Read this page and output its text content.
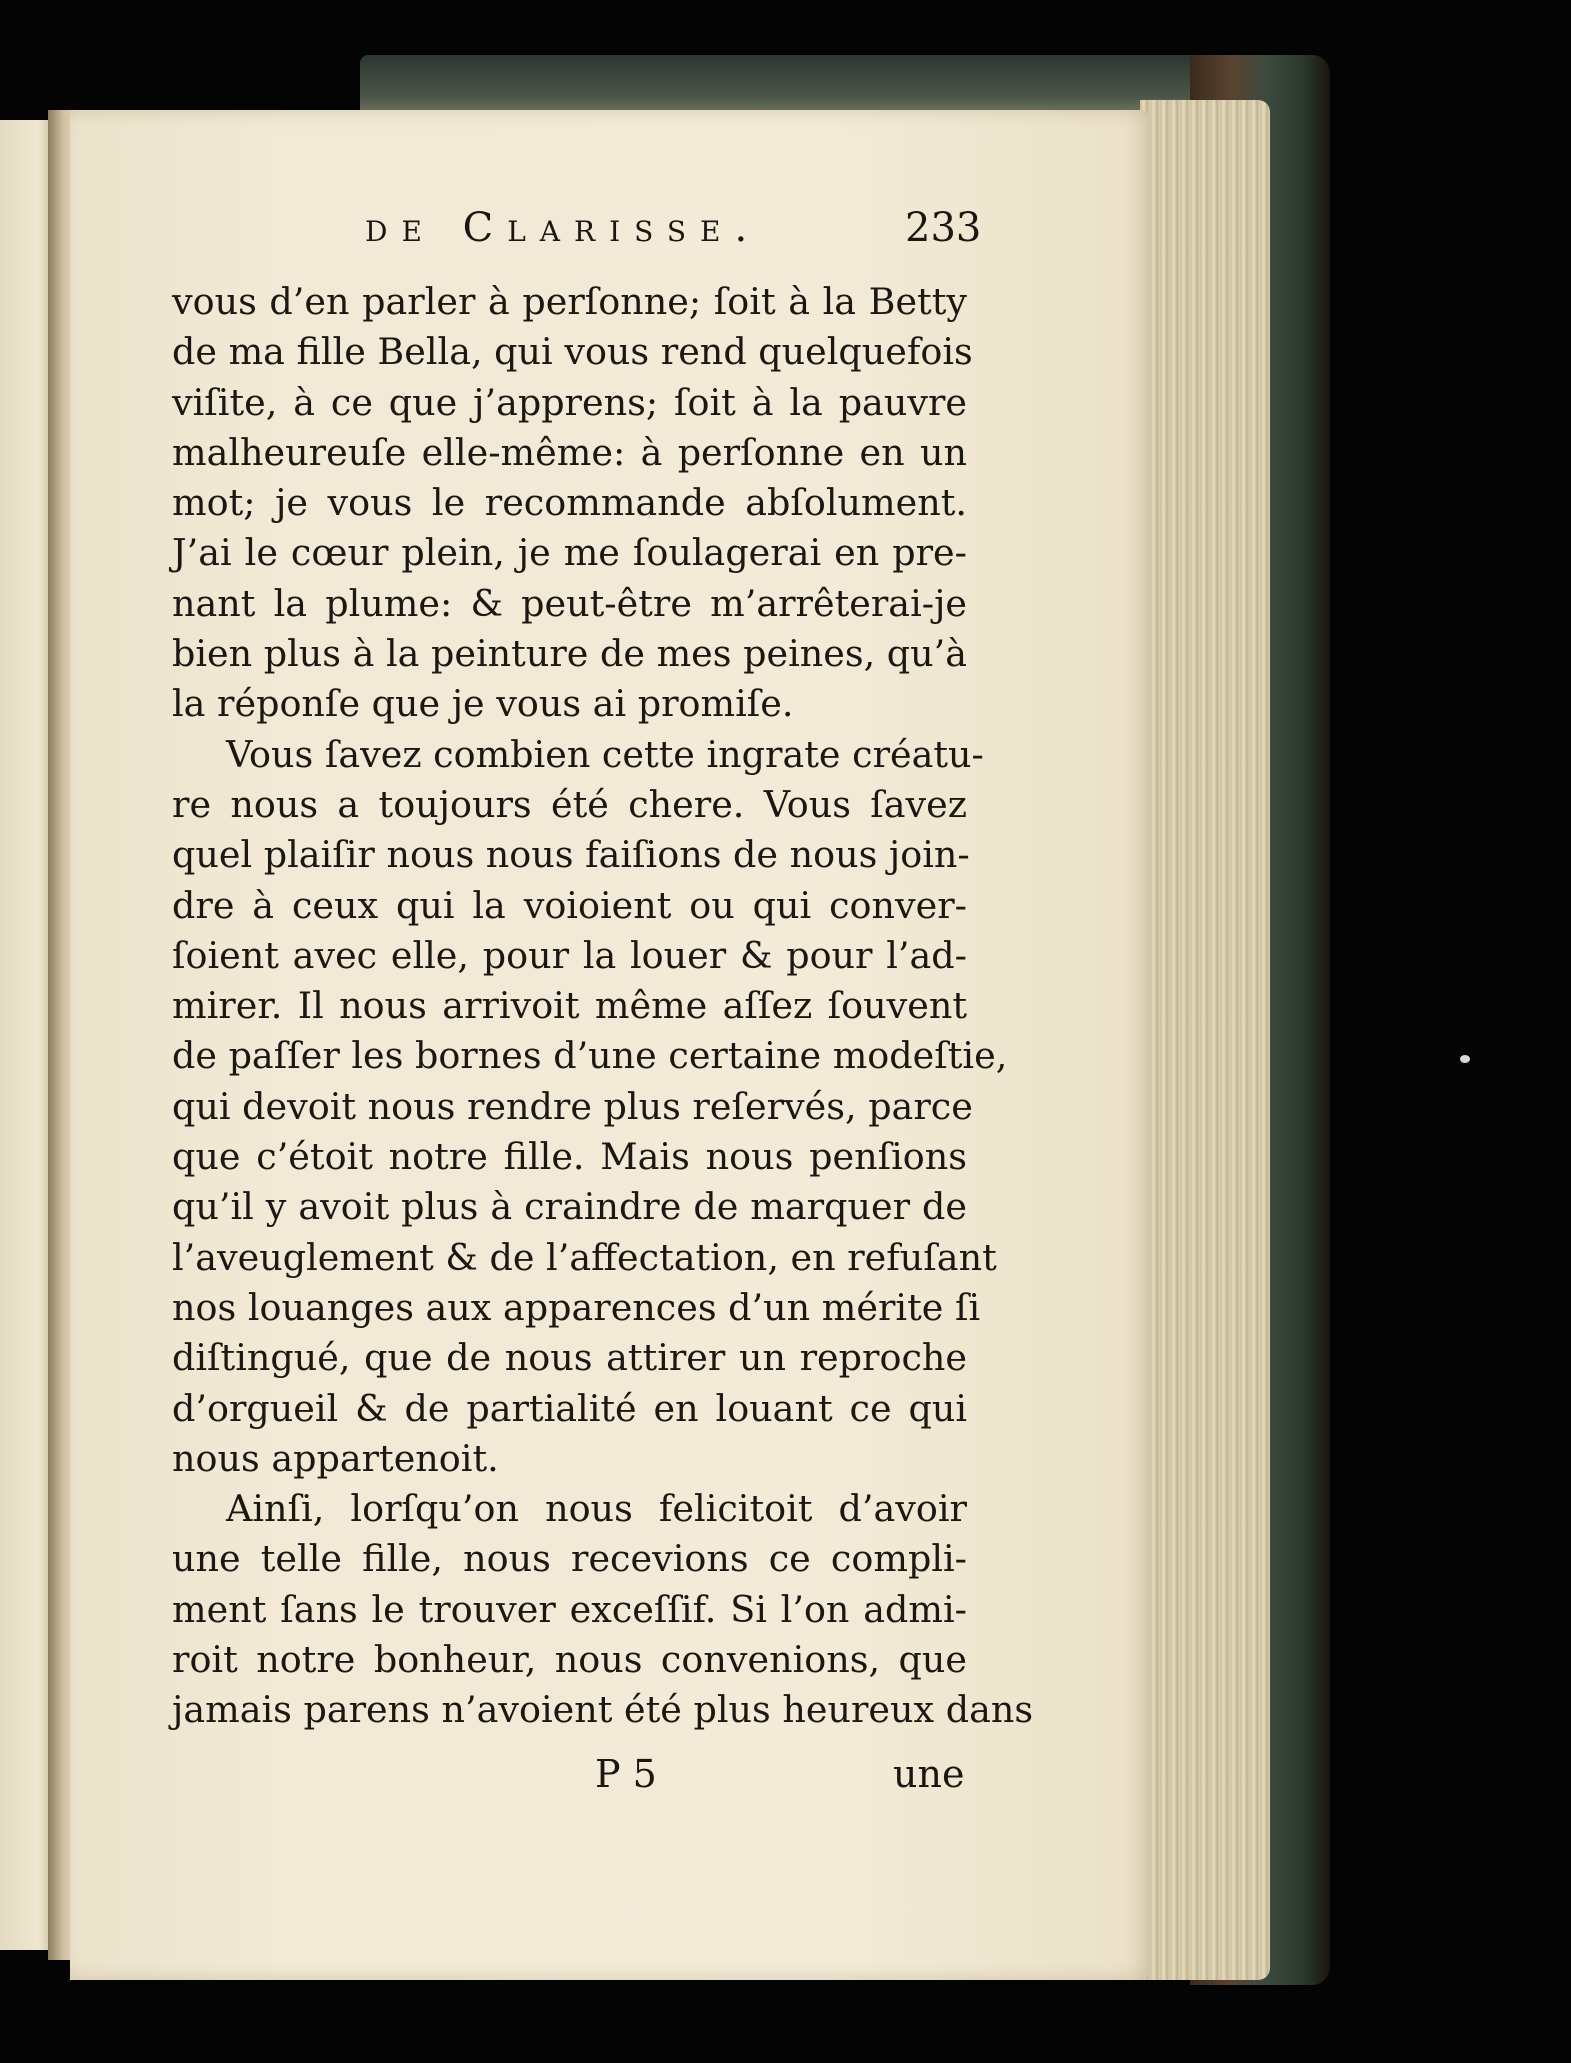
de Clarisse.	233
vous d’en parler à perſonne; ſoit à la Betty
de ma fille Bella, qui vous rend quelquefois
viſite, à ce que j’apprens; ſoit à la pauvre
malheureuſe elle-même: à perſonne en un
mot; je vous le recommande abſolument.
J’ai le cœur plein, je me ſoulagerai en pre-
nant la plume: & peut-être m’arrêterai-je
bien plus à la peinture de mes peines, qu’à
la réponſe que je vous ai promiſe.
Vous ſavez combien cette ingrate créatu-
re nous a toujours été chere. Vous ſavez
quel plaiſir nous nous faiſions de nous join-
dre à ceux qui la voioient ou qui conver-
ſoient avec elle, pour la louer & pour l’ad-
mirer. Il nous arrivoit même aſſez ſouvent
de paſſer les bornes d’une certaine modeſtie,
qui devoit nous rendre plus reſervés, parce
que c’étoit notre fille. Mais nous penſions
qu’il y avoit plus à craindre de marquer de
l’aveuglement & de l’affectation, en refuſant
nos louanges aux apparences d’un mérite ſi
diſtingué, que de nous attirer un reproche
d’orgueil & de partialité en louant ce qui
nous appartenoit.
Ainſi, lorſqu’on nous felicitoit d’avoir
une telle fille, nous recevions ce compli-
ment ſans le trouver exceſſif. Si l’on admi-
roit notre bonheur, nous convenions, que
jamais parens n’avoient été plus heureux dans
P 5	une
